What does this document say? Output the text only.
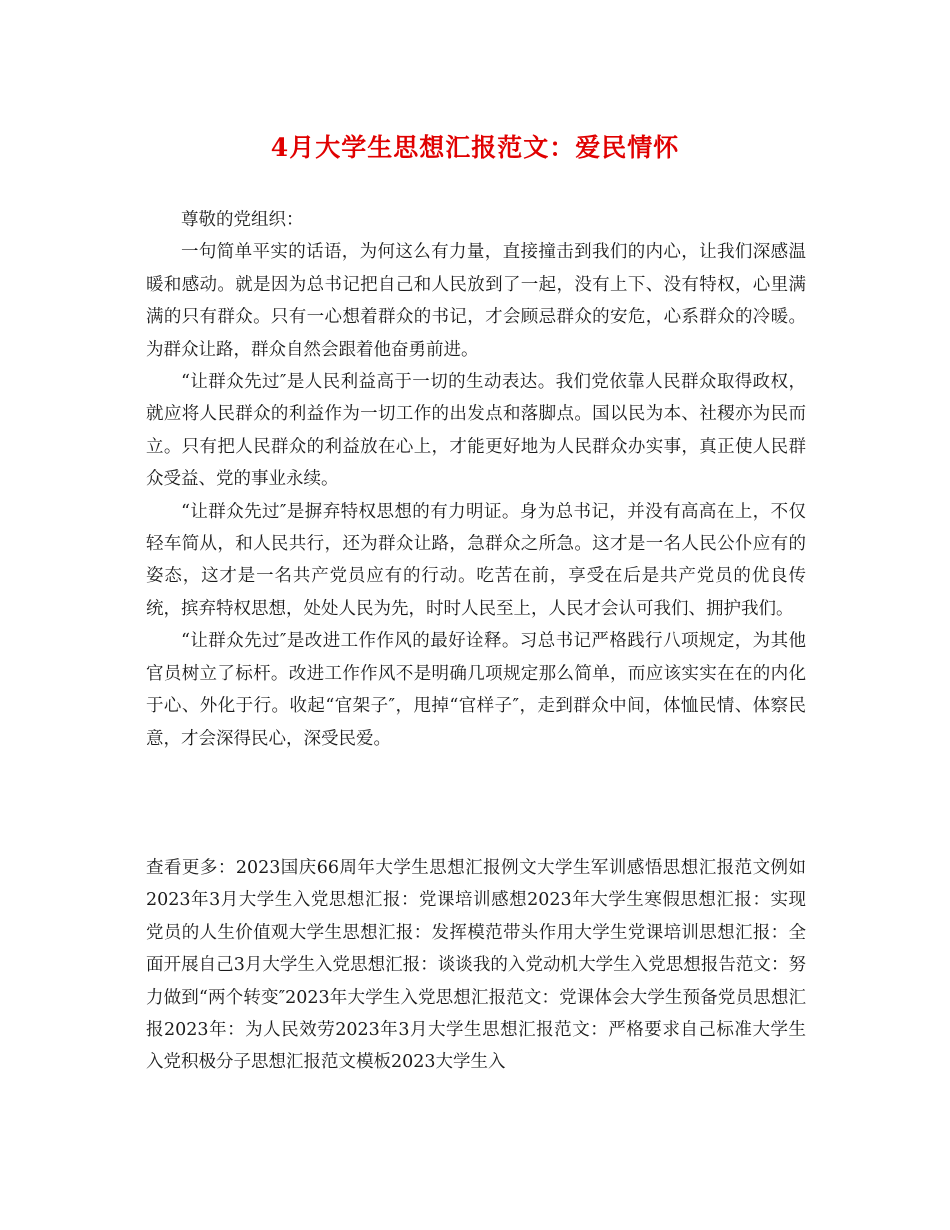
4月大学生思想汇报范文：爱民情怀

尊敬的党组织：

一句简单平实的话语，为何这么有力量，直接撞击到我们的内心，让我们深感温暖和感动。就是因为总书记把自己和人民放到了一起，没有上下、没有特权，心里满满的只有群众。只有一心想着群众的书记，才会顾忌群众的安危，心系群众的冷暖。为群众让路，群众自然会跟着他奋勇前进。

“让群众先过″是人民利益高于一切的生动表达。我们党依靠人民群众取得政权，就应将人民群众的利益作为一切工作的出发点和落脚点。国以民为本、社稷亦为民而立。只有把人民群众的利益放在心上，才能更好地为人民群众办实事，真正使人民群众受益、党的事业永续。

“让群众先过″是摒弃特权思想的有力明证。身为总书记，并没有高高在上，不仅轻车简从，和人民共行，还为群众让路，急群众之所急。这才是一名人民公仆应有的姿态，这才是一名共产党员应有的行动。吃苦在前，享受在后是共产党员的优良传统，摈弃特权思想，处处人民为先，时时人民至上，人民才会认可我们、拥护我们。

“让群众先过″是改进工作作风的最好诠释。习总书记严格践行八项规定，为其他官员树立了标杆。改进工作作风不是明确几项规定那么简单，而应该实实在在的内化于心、外化于行。收起“官架子″，甩掉“官样子″，走到群众中间，体恤民情、体察民意，才会深得民心，深受民爱。

查看更多：2023国庆66周年大学生思想汇报例文大学生军训感悟思想汇报范文例如2023年3月大学生入党思想汇报：党课培训感想2023年大学生寒假思想汇报：实现党员的人生价值观大学生思想汇报：发挥模范带头作用大学生党课培训思想汇报：全面开展自己3月大学生入党思想汇报：谈谈我的入党动机大学生入党思想报告范文：努力做到“两个转变″2023年大学生入党思想汇报范文：党课体会大学生预备党员思想汇报2023年：为人民效劳2023年3月大学生思想汇报范文：严格要求自己标准大学生入党积极分子思想汇报范文模板2023大学生入
